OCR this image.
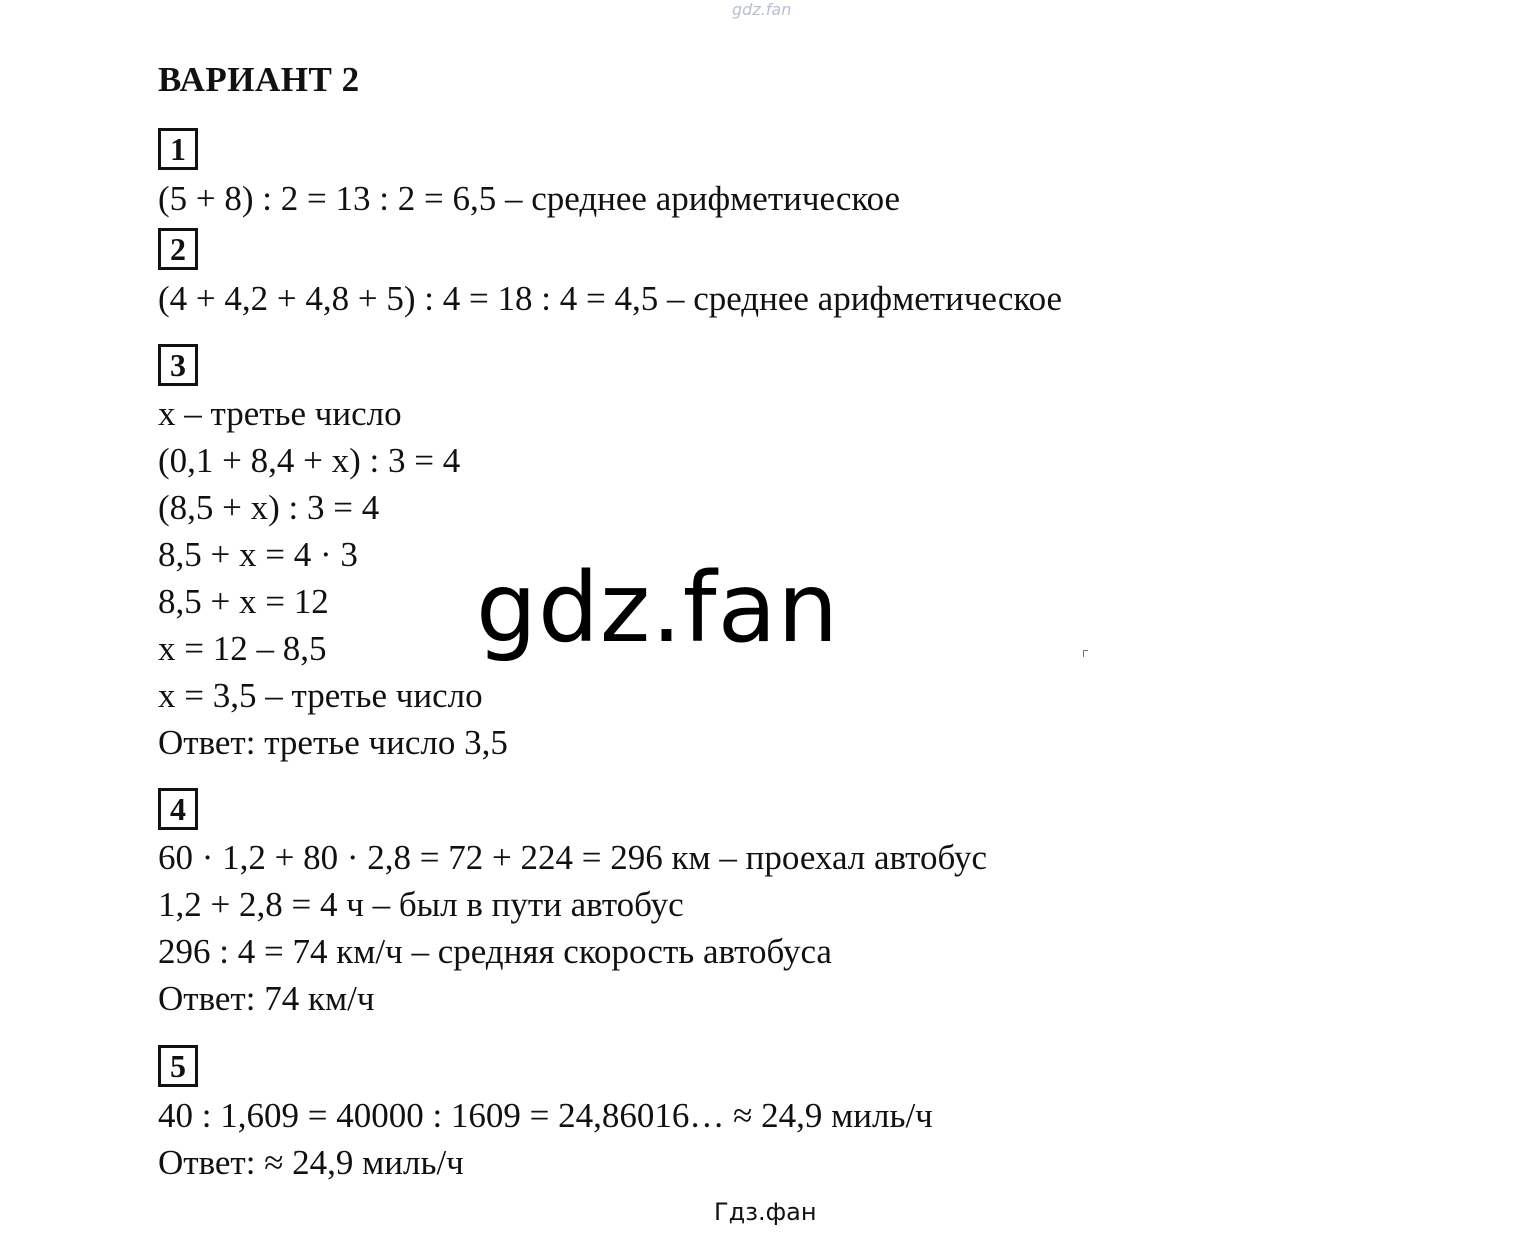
gdz.fan
ВАРИАНТ 2
1
(5 + 8) : 2 = 13 : 2 = 6,5 – среднее арифметическое
2
(4 + 4,2 + 4,8 + 5) : 4 = 18 : 4 = 4,5 – среднее арифметическое
3
x – третье число
(0,1 + 8,4 + x) : 3 = 4
(8,5 + x) : 3 = 4
8,5 + x = 4 · 3
8,5 + x = 12
x = 12 – 8,5
x = 3,5 – третье число
Ответ: третье число 3,5
4
60 · 1,2 + 80 · 2,8 = 72 + 224 = 296 км – проехал автобус
1,2 + 2,8 = 4 ч – был в пути автобус
296 : 4 = 74 км/ч – средняя скорость автобуса
Ответ: 74 км/ч
5
40 : 1,609 = 40000 : 1609 = 24,86016… ≈ 24,9 миль/ч
Ответ: ≈ 24,9 миль/ч
gdz.fan
Гдз.фан
